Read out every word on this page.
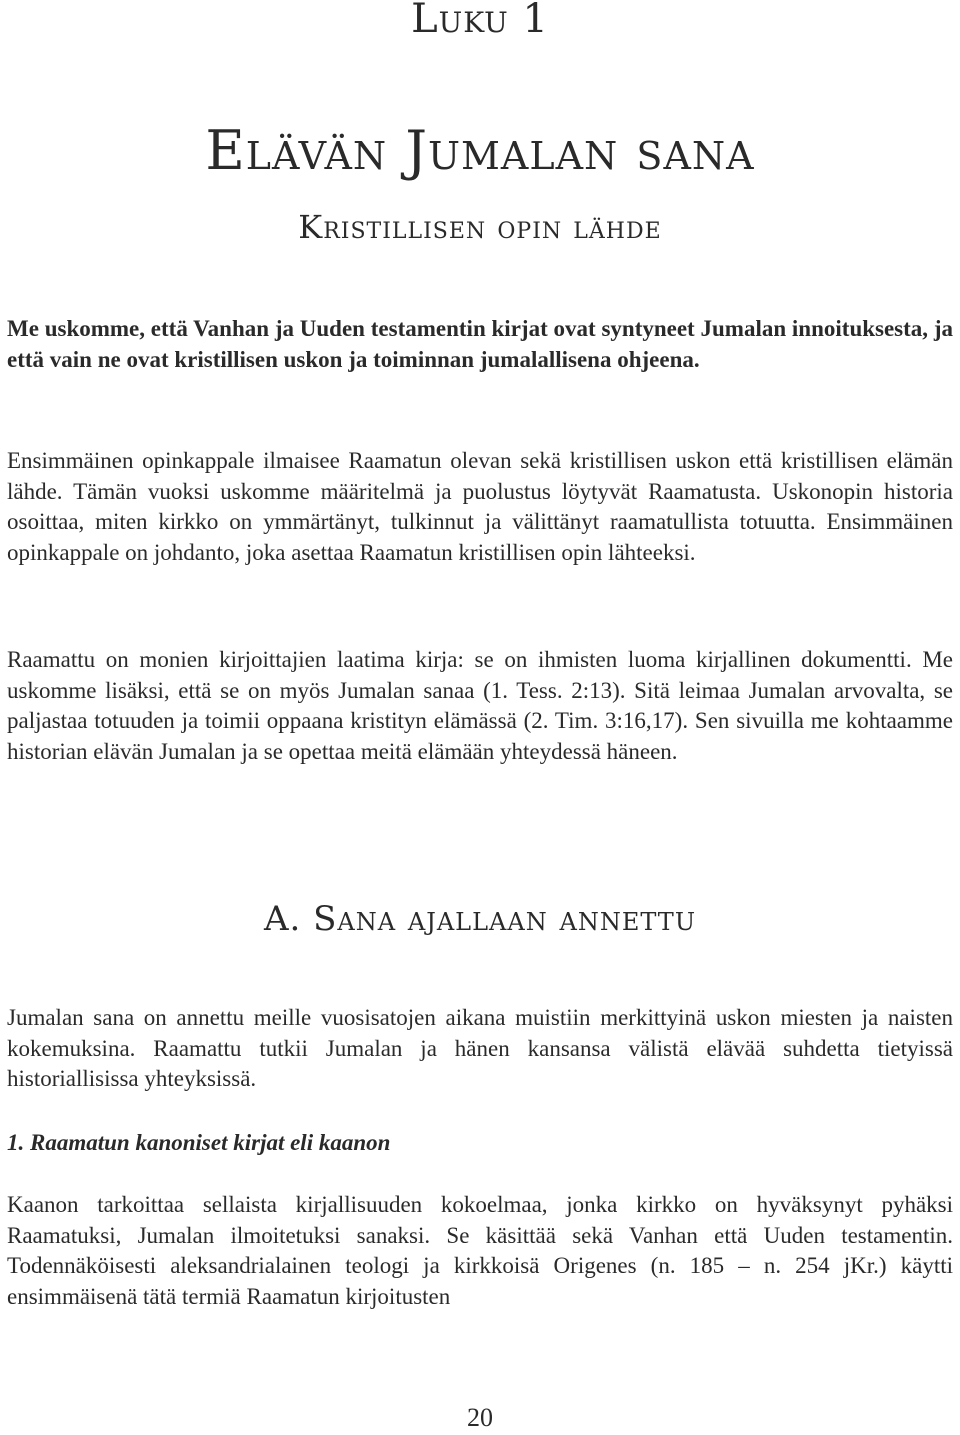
Luku 1
Elävän Jumalan sana
Kristillisen opin lähde

Me uskomme, että Vanhan ja Uuden testamentin kirjat ovat syntyneet Jumalan innoituksesta, ja että vain ne ovat kristillisen uskon ja toiminnan jumalallisena ohjeena.

Ensimmäinen opinkappale ilmaisee Raamatun olevan sekä kristillisen uskon että kristillisen elämän lähde. Tämän vuoksi uskomme määritelmä ja puolustus löytyvät Raamatusta. Uskonopin historia osoittaa, miten kirkko on ymmärtänyt, tulkinnut ja välittänyt raamatullista totuutta. Ensimmäinen opinkappale on johdanto, joka asettaa Raamatun kristillisen opin lähteeksi.

Raamattu on monien kirjoittajien laatima kirja: se on ihmisten luoma kirjallinen dokumentti. Me uskomme lisäksi, että se on myös Jumalan sanaa (1. Tess. 2:13). Sitä leimaa Jumalan arvovalta, se paljastaa totuuden ja toimii oppaana kristityn elämässä (2. Tim. 3:16,17). Sen sivuilla me kohtaamme historian elävän Jumalan ja se opettaa meitä elämään yhteydessä häneen.

A. Sana ajallaan annettu

Jumalan sana on annettu meille vuosisatojen aikana muistiin merkittyinä uskon miesten ja naisten kokemuksina. Raamattu tutkii Jumalan ja hänen kansansa välistä elävää suhdetta tietyissä historiallisissa yhteyksissä.

1. Raamatun kanoniset kirjat eli kaanon

Kaanon tarkoittaa sellaista kirjallisuuden kokoelmaa, jonka kirkko on hyväksynyt pyhäksi Raamatuksi, Jumalan ilmoitetuksi sanaksi. Se käsittää sekä Vanhan että Uuden testamentin. Todennäköisesti aleksandrialainen teologi ja kirkkoisä Origenes (n. 185 – n. 254 jKr.) käytti ensimmäisenä tätä termiä Raamatun kirjoitusten

20
